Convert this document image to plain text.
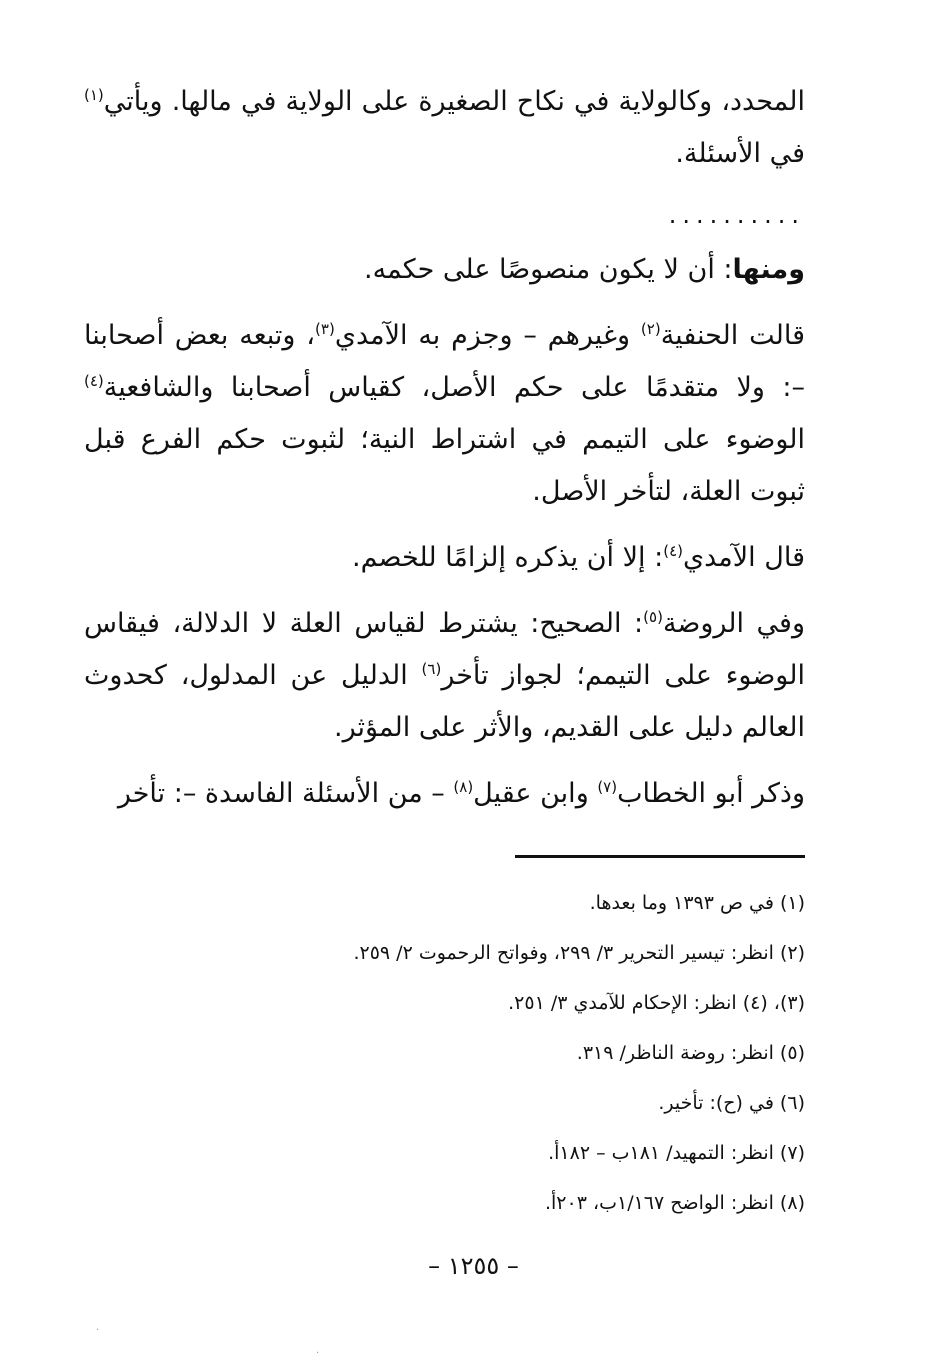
المحدد، وكالولاية في نكاح الصغيرة على الولاية في مالها. ويأتي$^{(١)}$ في الأسئلة.

..........

ومنها: أن لا يكون منصوصًا على حكمه.

قالت الحنفية$^{(٢)}$ وغيرهم – وجزم به الآمدي$^{(٣)}$، وتبعه بعض أصحابنا –: ولا متقدمًا على حكم الأصل، كقياس أصحابنا والشافعية$^{(٤)}$ الوضوء على التيمم في اشتراط النية؛ لثبوت حكم الفرع قبل ثبوت العلة، لتأخر الأصل.

قال الآمدي$^{(٤)}$: إلا أن يذكره إلزامًا للخصم.

وفي الروضة$^{(٥)}$: الصحيح: يشترط لقياس العلة لا الدلالة، فيقاس الوضوء على التيمم؛ لجواز تأخر$^{(٦)}$ الدليل عن المدلول، كحدوث العالم دليل على القديم، والأثر على المؤثر.

وذكر أبو الخطاب$^{(٧)}$ وابن عقيل$^{(٨)}$ – من الأسئلة الفاسدة –: تأخر

(١) في ص ١٣٩٣ وما بعدها.
(٢) انظر: تيسير التحرير ٣/ ٢٩٩، وفواتح الرحموت ٢/ ٢٥٩.
(٣)، (٤) انظر: الإحكام للآمدي ٣/ ٢٥١.
(٥) انظر: روضة الناظر/ ٣١٩.
(٦) في (ح): تأخير.
(٧) انظر: التمهيد/ ١٨١ب – ١٨٢أ.
(٨) انظر: الواضح ١/١٦٧ب، ٢٠٣أ.
– ١٢٥٥ –
·
·
